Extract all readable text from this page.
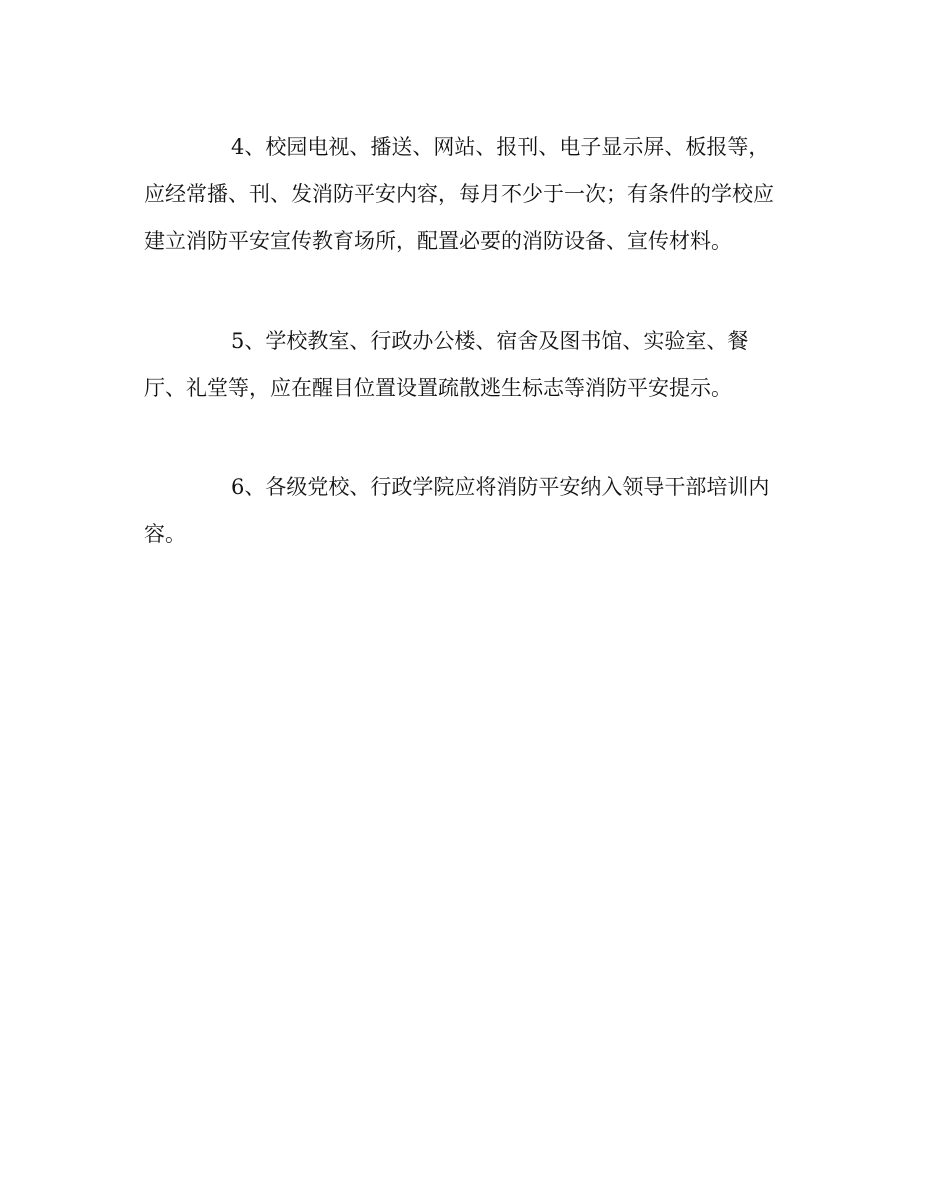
4、校园电视、播送、网站、报刊、电子显示屏、板报等，
应经常播、刊、发消防平安内容，每月不少于一次；有条件的学校应
建立消防平安宣传教育场所，配置必要的消防设备、宣传材料。
5、学校教室、行政办公楼、宿舍及图书馆、实验室、餐
厅、礼堂等，应在醒目位置设置疏散逃生标志等消防平安提示。
6、各级党校、行政学院应将消防平安纳入领导干部培训内
容。
